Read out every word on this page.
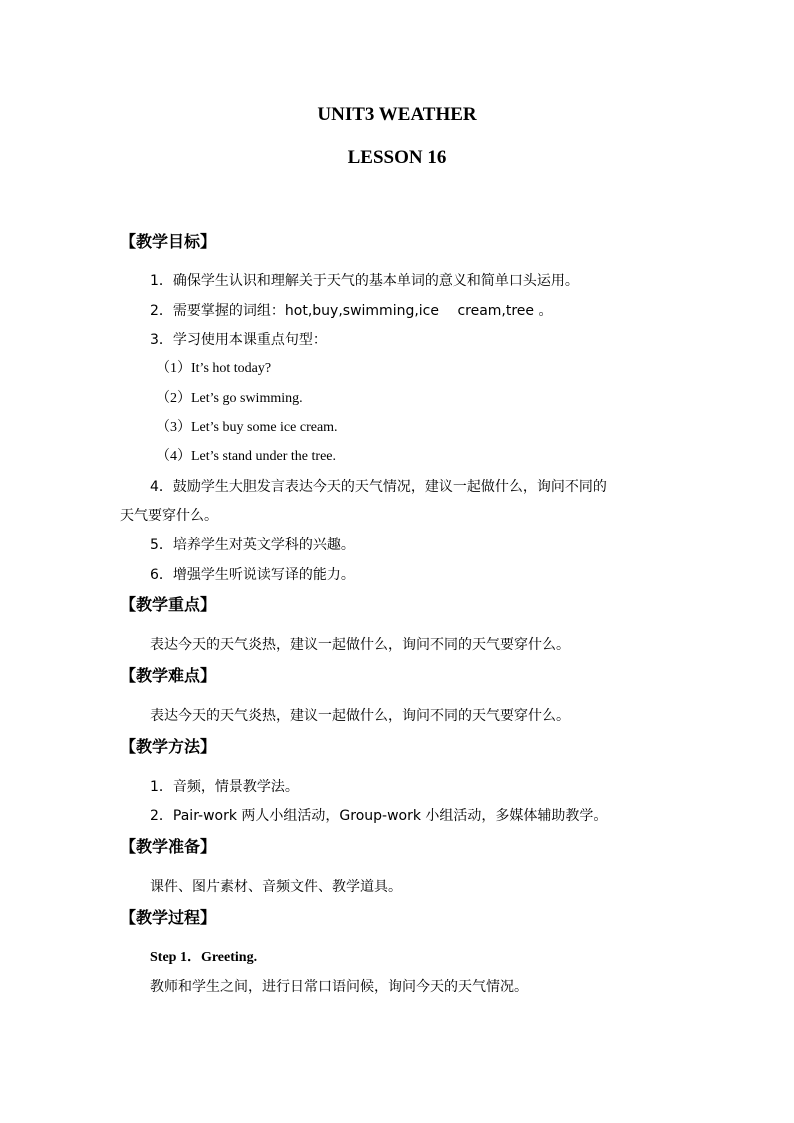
UNIT3 WEATHER
LESSON 16
【教学目标】
1．确保学生认识和理解关于天气的基本单词的意义和简单口头运用。
2．需要掌握的词组：hot,buy,swimming,ice　 cream,tree 。
3．学习使用本课重点句型：
（1）It’s hot today?
（2）Let’s go swimming.
（3）Let’s buy some ice cream.
（4）Let’s stand under the tree.
4．鼓励学生大胆发言表达今天的天气情况，建议一起做什么，询问不同的
天气要穿什么。
5．培养学生对英文学科的兴趣。
6．增强学生听说读写译的能力。
【教学重点】
表达今天的天气炎热，建议一起做什么，询问不同的天气要穿什么。
【教学难点】
表达今天的天气炎热，建议一起做什么，询问不同的天气要穿什么。
【教学方法】
1．音频，情景教学法。
2．Pair-work 两人小组活动，Group-work 小组活动，多媒体辅助教学。
【教学准备】
课件、图片素材、音频文件、教学道具。
【教学过程】
Step 1．Greeting.
教师和学生之间，进行日常口语问候，询问今天的天气情况。
